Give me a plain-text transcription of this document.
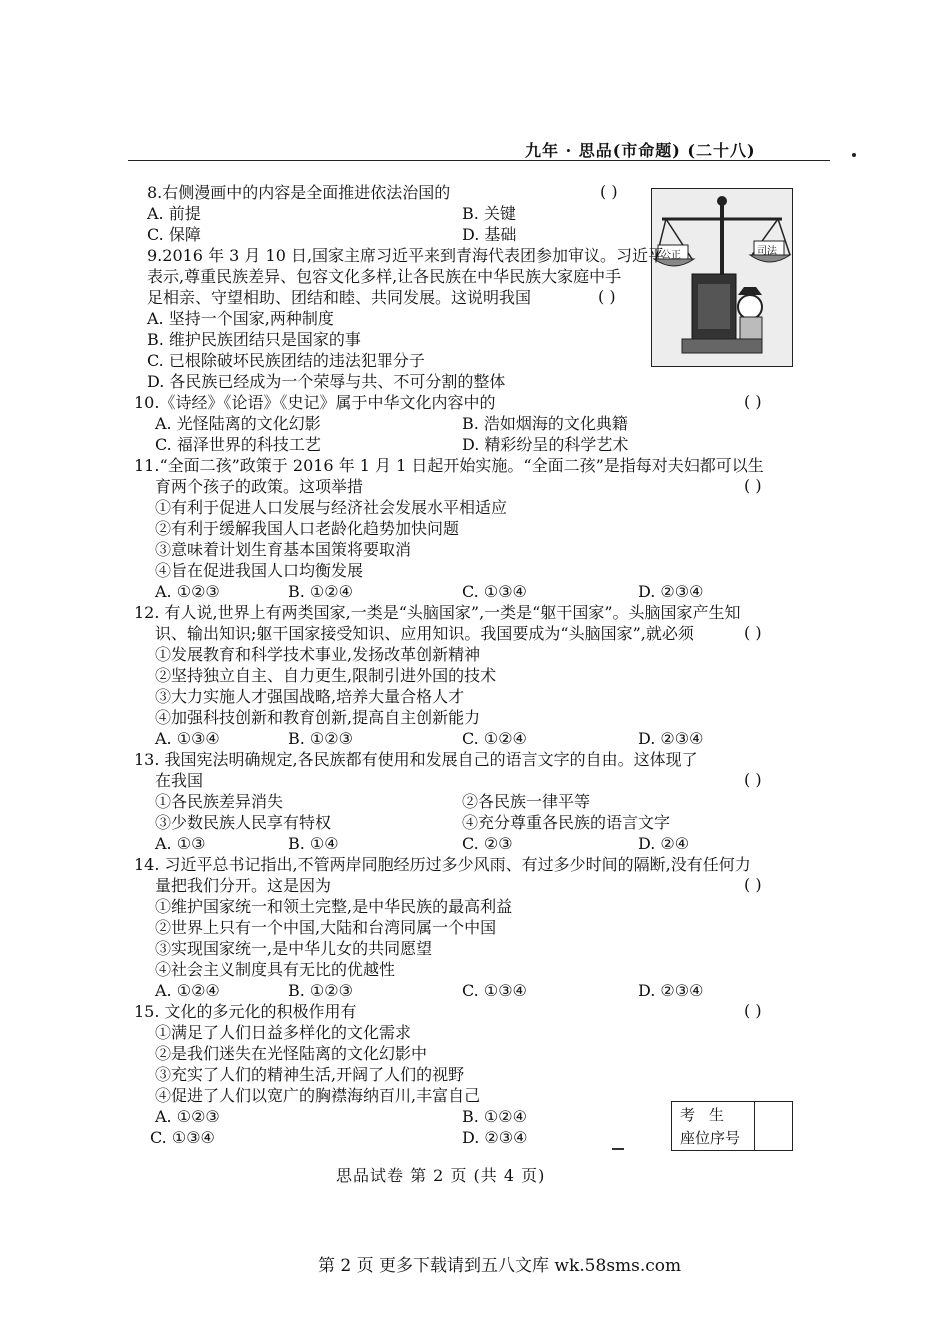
九年 · 思品(市命题) (二十八)
公正	司法
8.右侧漫画中的内容是全面推进依法治国的	( )
A. 前提	B. 关键
C. 保障	D. 基础
9.2016 年 3 月 10 日,国家主席习近平来到青海代表团参加审议。习近平
表示,尊重民族差异、包容文化多样,让各民族在中华民族大家庭中手
足相亲、守望相助、团结和睦、共同发展。这说明我国	( )
A. 坚持一个国家,两种制度
B. 维护民族团结只是国家的事
C. 已根除破坏民族团结的违法犯罪分子
D. 各民族已经成为一个荣辱与共、不可分割的整体
10.《诗经》《论语》《史记》属于中华文化内容中的	( )
A. 光怪陆离的文化幻影	B. 浩如烟海的文化典籍
C. 福泽世界的科技工艺	D. 精彩纷呈的科学艺术
11.“全面二孩”政策于 2016 年 1 月 1 日起开始实施。“全面二孩”是指每对夫妇都可以生
育两个孩子的政策。这项举措	( )
①有利于促进人口发展与经济社会发展水平相适应
②有利于缓解我国人口老龄化趋势加快问题
③意味着计划生育基本国策将要取消
④旨在促进我国人口均衡发展
A. ①②③	B. ①②④	C. ①③④	D. ②③④
12. 有人说,世界上有两类国家,一类是“头脑国家”,一类是“躯干国家”。头脑国家产生知
识、输出知识;躯干国家接受知识、应用知识。我国要成为“头脑国家”,就必须	( )
①发展教育和科学技术事业,发扬改革创新精神
②坚持独立自主、自力更生,限制引进外国的技术
③大力实施人才强国战略,培养大量合格人才
④加强科技创新和教育创新,提高自主创新能力
A. ①③④	B. ①②③	C. ①②④	D. ②③④
13. 我国宪法明确规定,各民族都有使用和发展自己的语言文字的自由。这体现了
在我国	( )
①各民族差异消失	②各民族一律平等
③少数民族人民享有特权	④充分尊重各民族的语言文字
A. ①③	B. ①④	C. ②③	D. ②④
14. 习近平总书记指出,不管两岸同胞经历过多少风雨、有过多少时间的隔断,没有任何力
量把我们分开。这是因为	( )
①维护国家统一和领土完整,是中华民族的最高利益
②世界上只有一个中国,大陆和台湾同属一个中国
③实现国家统一,是中华儿女的共同愿望
④社会主义制度具有无比的优越性
A. ①②④	B. ①②③	C. ①③④	D. ②③④
15. 文化的多元化的积极作用有	( )
①满足了人们日益多样化的文化需求
②是我们迷失在光怪陆离的文化幻影中
③充实了人们的精神生活,开阔了人们的视野
④促进了人们以宽广的胸襟海纳百川,丰富自己
A. ①②③	B. ①②④
C. ①③④	D. ②③④
考生
座位序号
思品试卷 第 2 页 (共 4 页)
第 2 页 更多下载请到五八文库 wk.58sms.com
